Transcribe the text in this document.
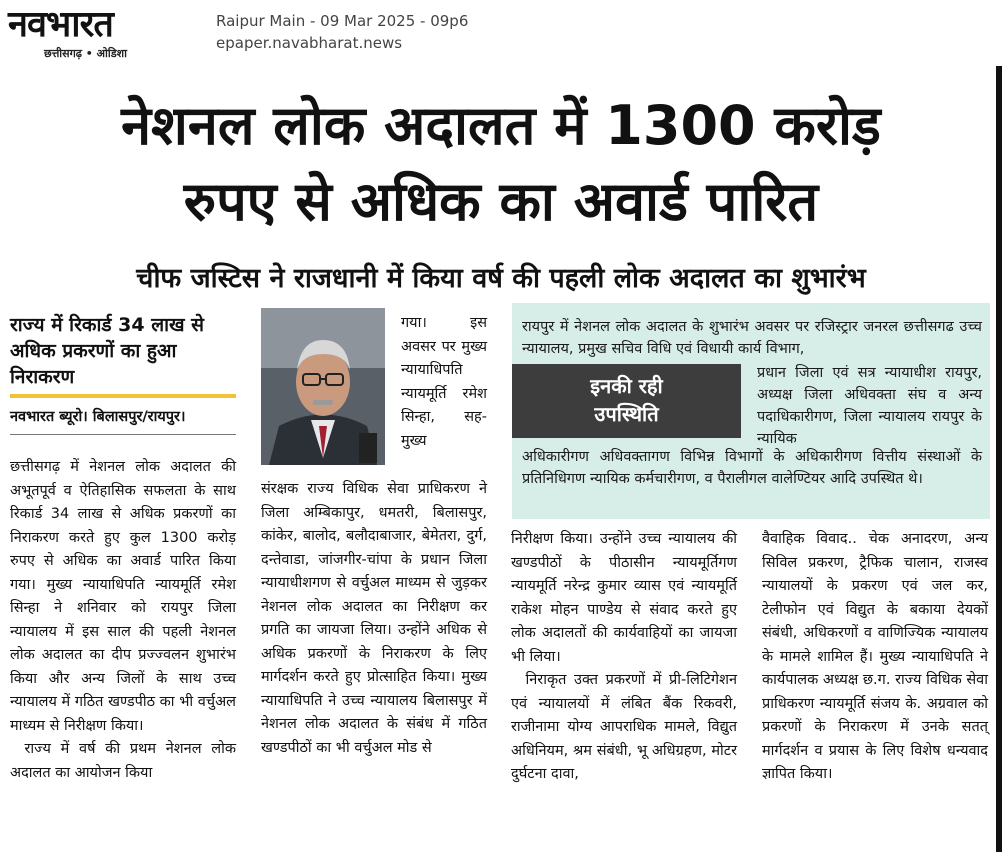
नवभारत
छत्तीसगढ़ • ओडिशा
Raipur Main - 09 Mar 2025 - 09p6
epaper.navabharat.news
नेशनल लोक अदालत में 1300 करोड़
रुपए से अधिक का अवार्ड पारित
चीफ जस्टिस ने राजधानी में किया वर्ष की पहली लोक अदालत का शुभारंभ
राज्य में रिकार्ड 34 लाख से अधिक प्रकरणों का हुआ निराकरण
नवभारत ब्यूरो। बिलासपुर/रायपुर।

छत्तीसगढ़ में नेशनल लोक अदालत की अभूतपूर्व व ऐतिहासिक सफलता के साथ रिकार्ड 34 लाख से अधिक प्रकरणों का निराकरण करते हुए कुल 1300 करोड़ रुपए से अधिक का अवार्ड पारित किया गया। मुख्य न्यायाधिपति न्यायमूर्ति रमेश सिन्हा ने शनिवार को रायपुर जिला न्यायालय में इस साल की पहली नेशनल लोक अदालत का दीप प्रज्ज्वलन शुभारंभ किया और अन्य जिलों के साथ उच्च न्यायालय में गठित खण्डपीठ का भी वर्चुअल माध्यम से निरीक्षण किया।

राज्य में वर्ष की प्रथम नेशनल लोक अदालत का आयोजन किया

गया। इस अवसर पर मुख्य न्यायाधिपति न्यायमूर्ति रमेश सिन्हा, सह-मुख्य
संरक्षक राज्य विधिक सेवा प्राधिकरण ने जिला अम्बिकापुर, धमतरी, बिलासपुर, कांकेर, बालोद, बलौदाबाजार, बेमेतरा, दुर्ग, दन्तेवाडा, जांजगीर-चांपा के प्रधान जिला न्यायाधीशगण से वर्चुअल माध्यम से जुड़कर नेशनल लोक अदालत का निरीक्षण कर प्रगति का जायजा लिया। उन्होंने अधिक से अधिक प्रकरणों के निराकरण के लिए मार्गदर्शन करते हुए प्रोत्साहित किया। मुख्य न्यायाधिपति ने उच्च न्यायालय बिलासपुर में नेशनल लोक अदालत के संबंध में गठित खण्डपीठों का भी वर्चुअल मोड से
रायपुर में नेशनल लोक अदालत के शुभारंभ अवसर पर रजिस्ट्रार जनरल छत्तीसगढ उच्च न्यायालय, प्रमुख सचिव विधि एवं विधायी कार्य विभाग,
इनकी रही
उपस्थिति
प्रधान जिला एवं सत्र न्यायाधीश रायपुर, अध्यक्ष जिला अधिवक्ता संघ व अन्य पदाधिकारीगण, जिला न्यायालय रायपुर के न्यायिक
अधिकारीगण अधिवक्तागण विभिन्न विभागों के अधिकारीगण वित्तीय संस्थाओं के प्रतिनिधिगण न्यायिक कर्मचारीगण, व पैरालीगल वालेण्टियर आदि उपस्थित थे।

निरीक्षण किया। उन्होंने उच्च न्यायालय की खण्डपीठों के पीठासीन न्यायमूर्तिगण न्यायमूर्ति नरेन्द्र कुमार व्यास एवं न्यायमूर्ति राकेश मोहन पाण्डेय से संवाद करते हुए लोक अदालतों की कार्यवाहियों का जायजा भी लिया।

निराकृत उक्त प्रकरणों में प्री-लिटिगेशन एवं न्यायालयों में लंबित बैंक रिकवरी, राजीनामा योग्य आपराधिक मामले, विद्युत अधिनियम, श्रम संबंधी, भू अधिग्रहण, मोटर दुर्घटना दावा,

वैवाहिक विवाद.. चेक अनादरण, अन्य सिविल प्रकरण, ट्रैफिक चालान, राजस्व न्यायालयों के प्रकरण एवं जल कर, टेलीफोन एवं विद्युत के बकाया देयकों संबंधी, अधिकरणों व वाणिज्यिक न्यायालय के मामले शामिल हैं। मुख्य न्यायाधिपति ने कार्यपालक अध्यक्ष छ.ग. राज्य विधिक सेवा प्राधिकरण न्यायमूर्ति संजय के. अग्रवाल को प्रकरणों के निराकरण में उनके सतत् मार्गदर्शन व प्रयास के लिए विशेष धन्यवाद ज्ञापित किया।
